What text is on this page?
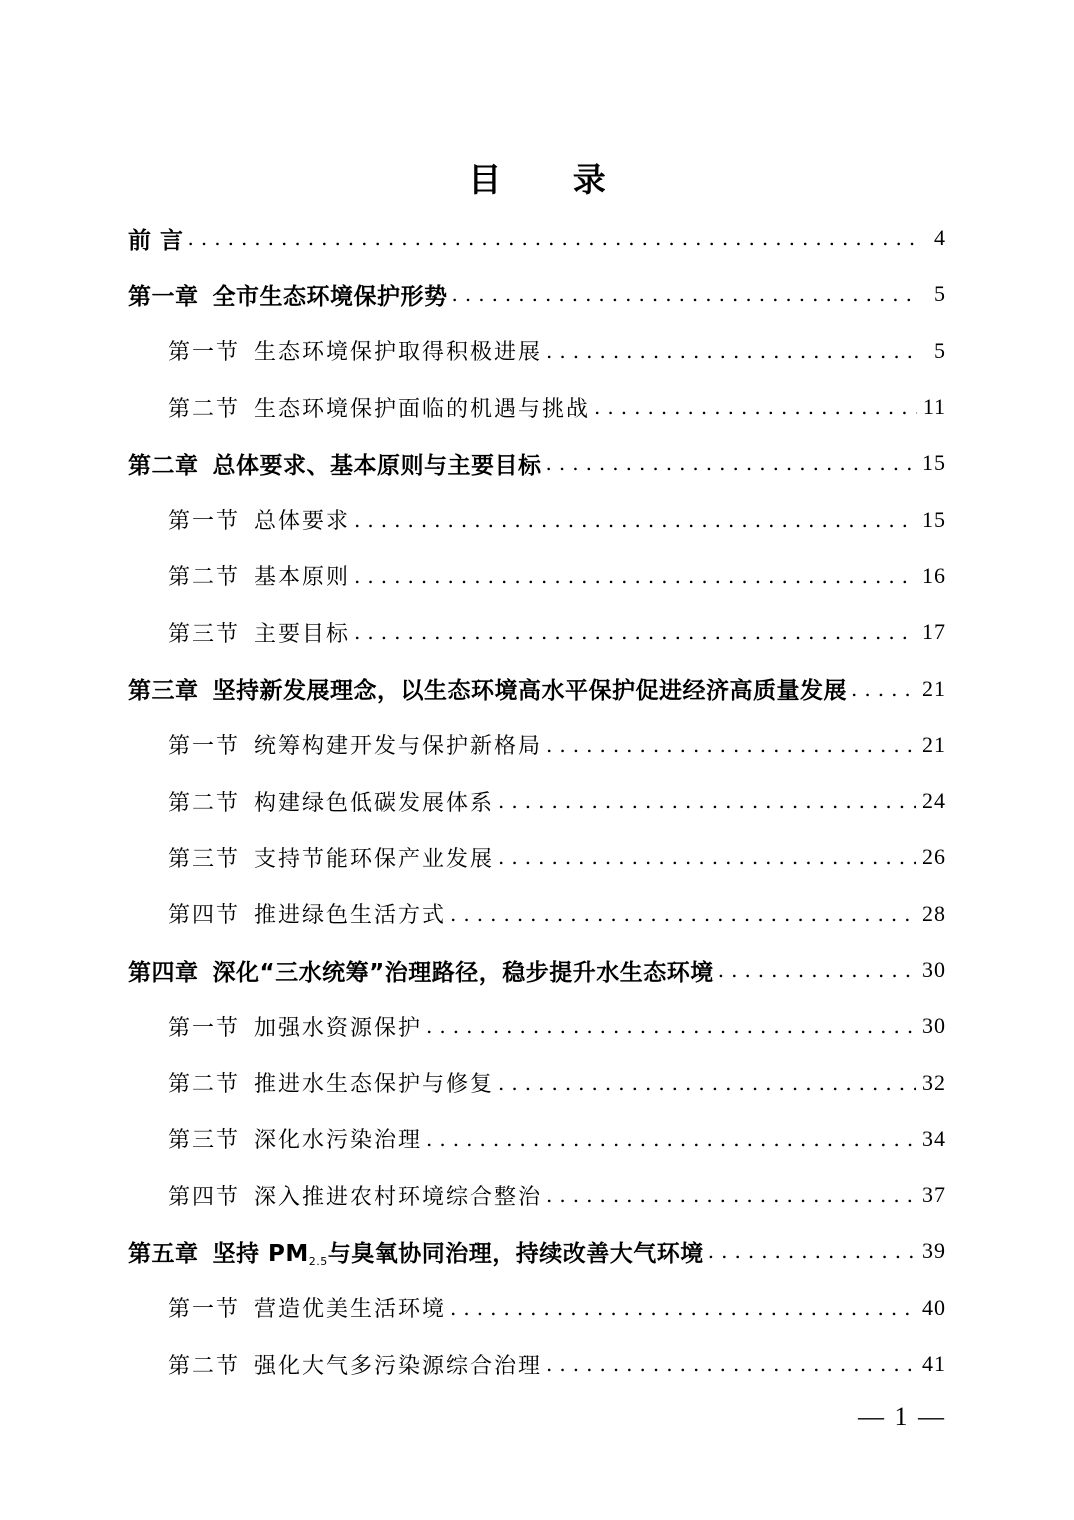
目 录
前 言 .....	4
第一章 全市生态环境保护形势 .....	5
第一节 生态环境保护取得积极进展 .....	5
第二节 生态环境保护面临的机遇与挑战 .....	11
第二章 总体要求、基本原则与主要目标 .....	15
第一节 总体要求 .....	15
第二节 基本原则 .....	16
第三节 主要目标 .....	17
第三章 坚持新发展理念，以生态环境高水平保护促进经济高质量发展 .....	21
第一节 统筹构建开发与保护新格局 .....	21
第二节 构建绿色低碳发展体系 .....	24
第三节 支持节能环保产业发展 .....	26
第四节 推进绿色生活方式 .....	28
第四章 深化“三水统筹”治理路径，稳步提升水生态环境 .....	30
第一节 加强水资源保护 .....	30
第二节 推进水生态保护与修复 .....	32
第三节 深化水污染治理 .....	34
第四节 深入推进农村环境综合整治 .....	37
第五章 坚持 $PM_{2.5}$与臭氧协同治理，持续改善大气环境 .....	39
第一节 营造优美生活环境 .....	40
第二节 强化大气多污染源综合治理 .....	41
— 1 —
